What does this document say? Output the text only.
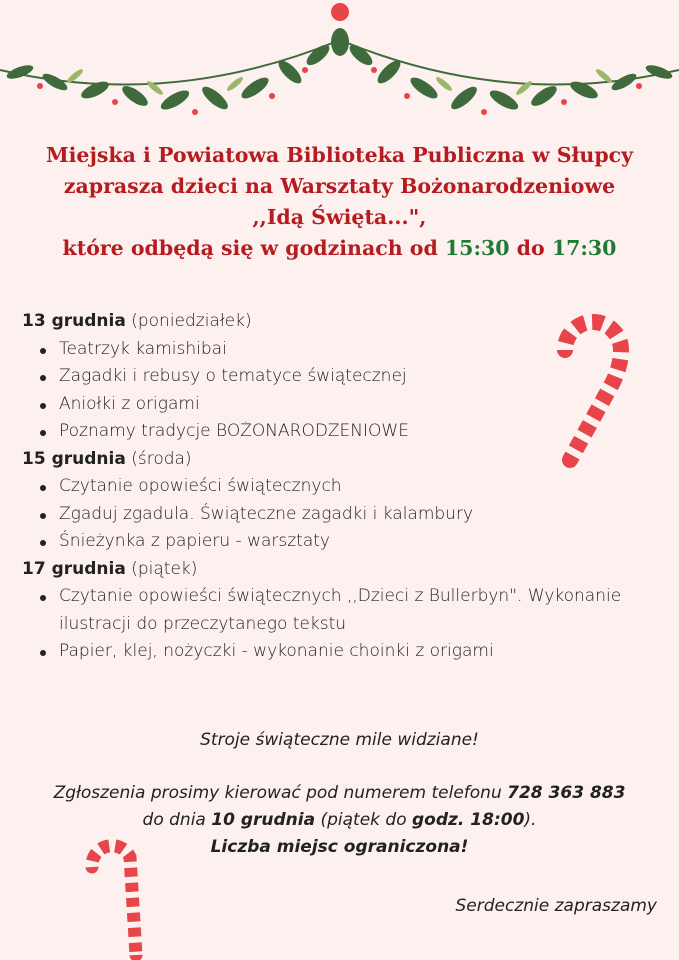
Miejska i Powiatowa Biblioteka Publiczna w Słupcy
zaprasza dzieci na Warsztaty Bożonarodzeniowe
,,Idą Święta...",
które odbędą się w godzinach od 15:30 do 17:30

13 grudnia (poniedziałek)

Teatrzyk kamishibai
Zagadki i rebusy o tematyce świątecznej
Aniołki z origami
Poznamy tradycje BOŻONARODZENIOWE

15 grudnia (środa)

Czytanie opowieści świątecznych
Zgaduj zgadula. Świąteczne zagadki i kalambury
Śnieżynka z papieru - warsztaty

17 grudnia (piątek)

Czytanie opowieści świątecznych ,,Dzieci z Bullerbyn". Wykonanie ilustracji do przeczytanego tekstu
Papier, klej, nożyczki - wykonanie choinki z origami
Stroje świąteczne mile widziane!
Zgłoszenia prosimy kierować pod numerem telefonu 728 363 883
do dnia 10 grudnia (piątek do godz. 18:00).
Liczba miejsc ograniczona!
Serdecznie zapraszamy
